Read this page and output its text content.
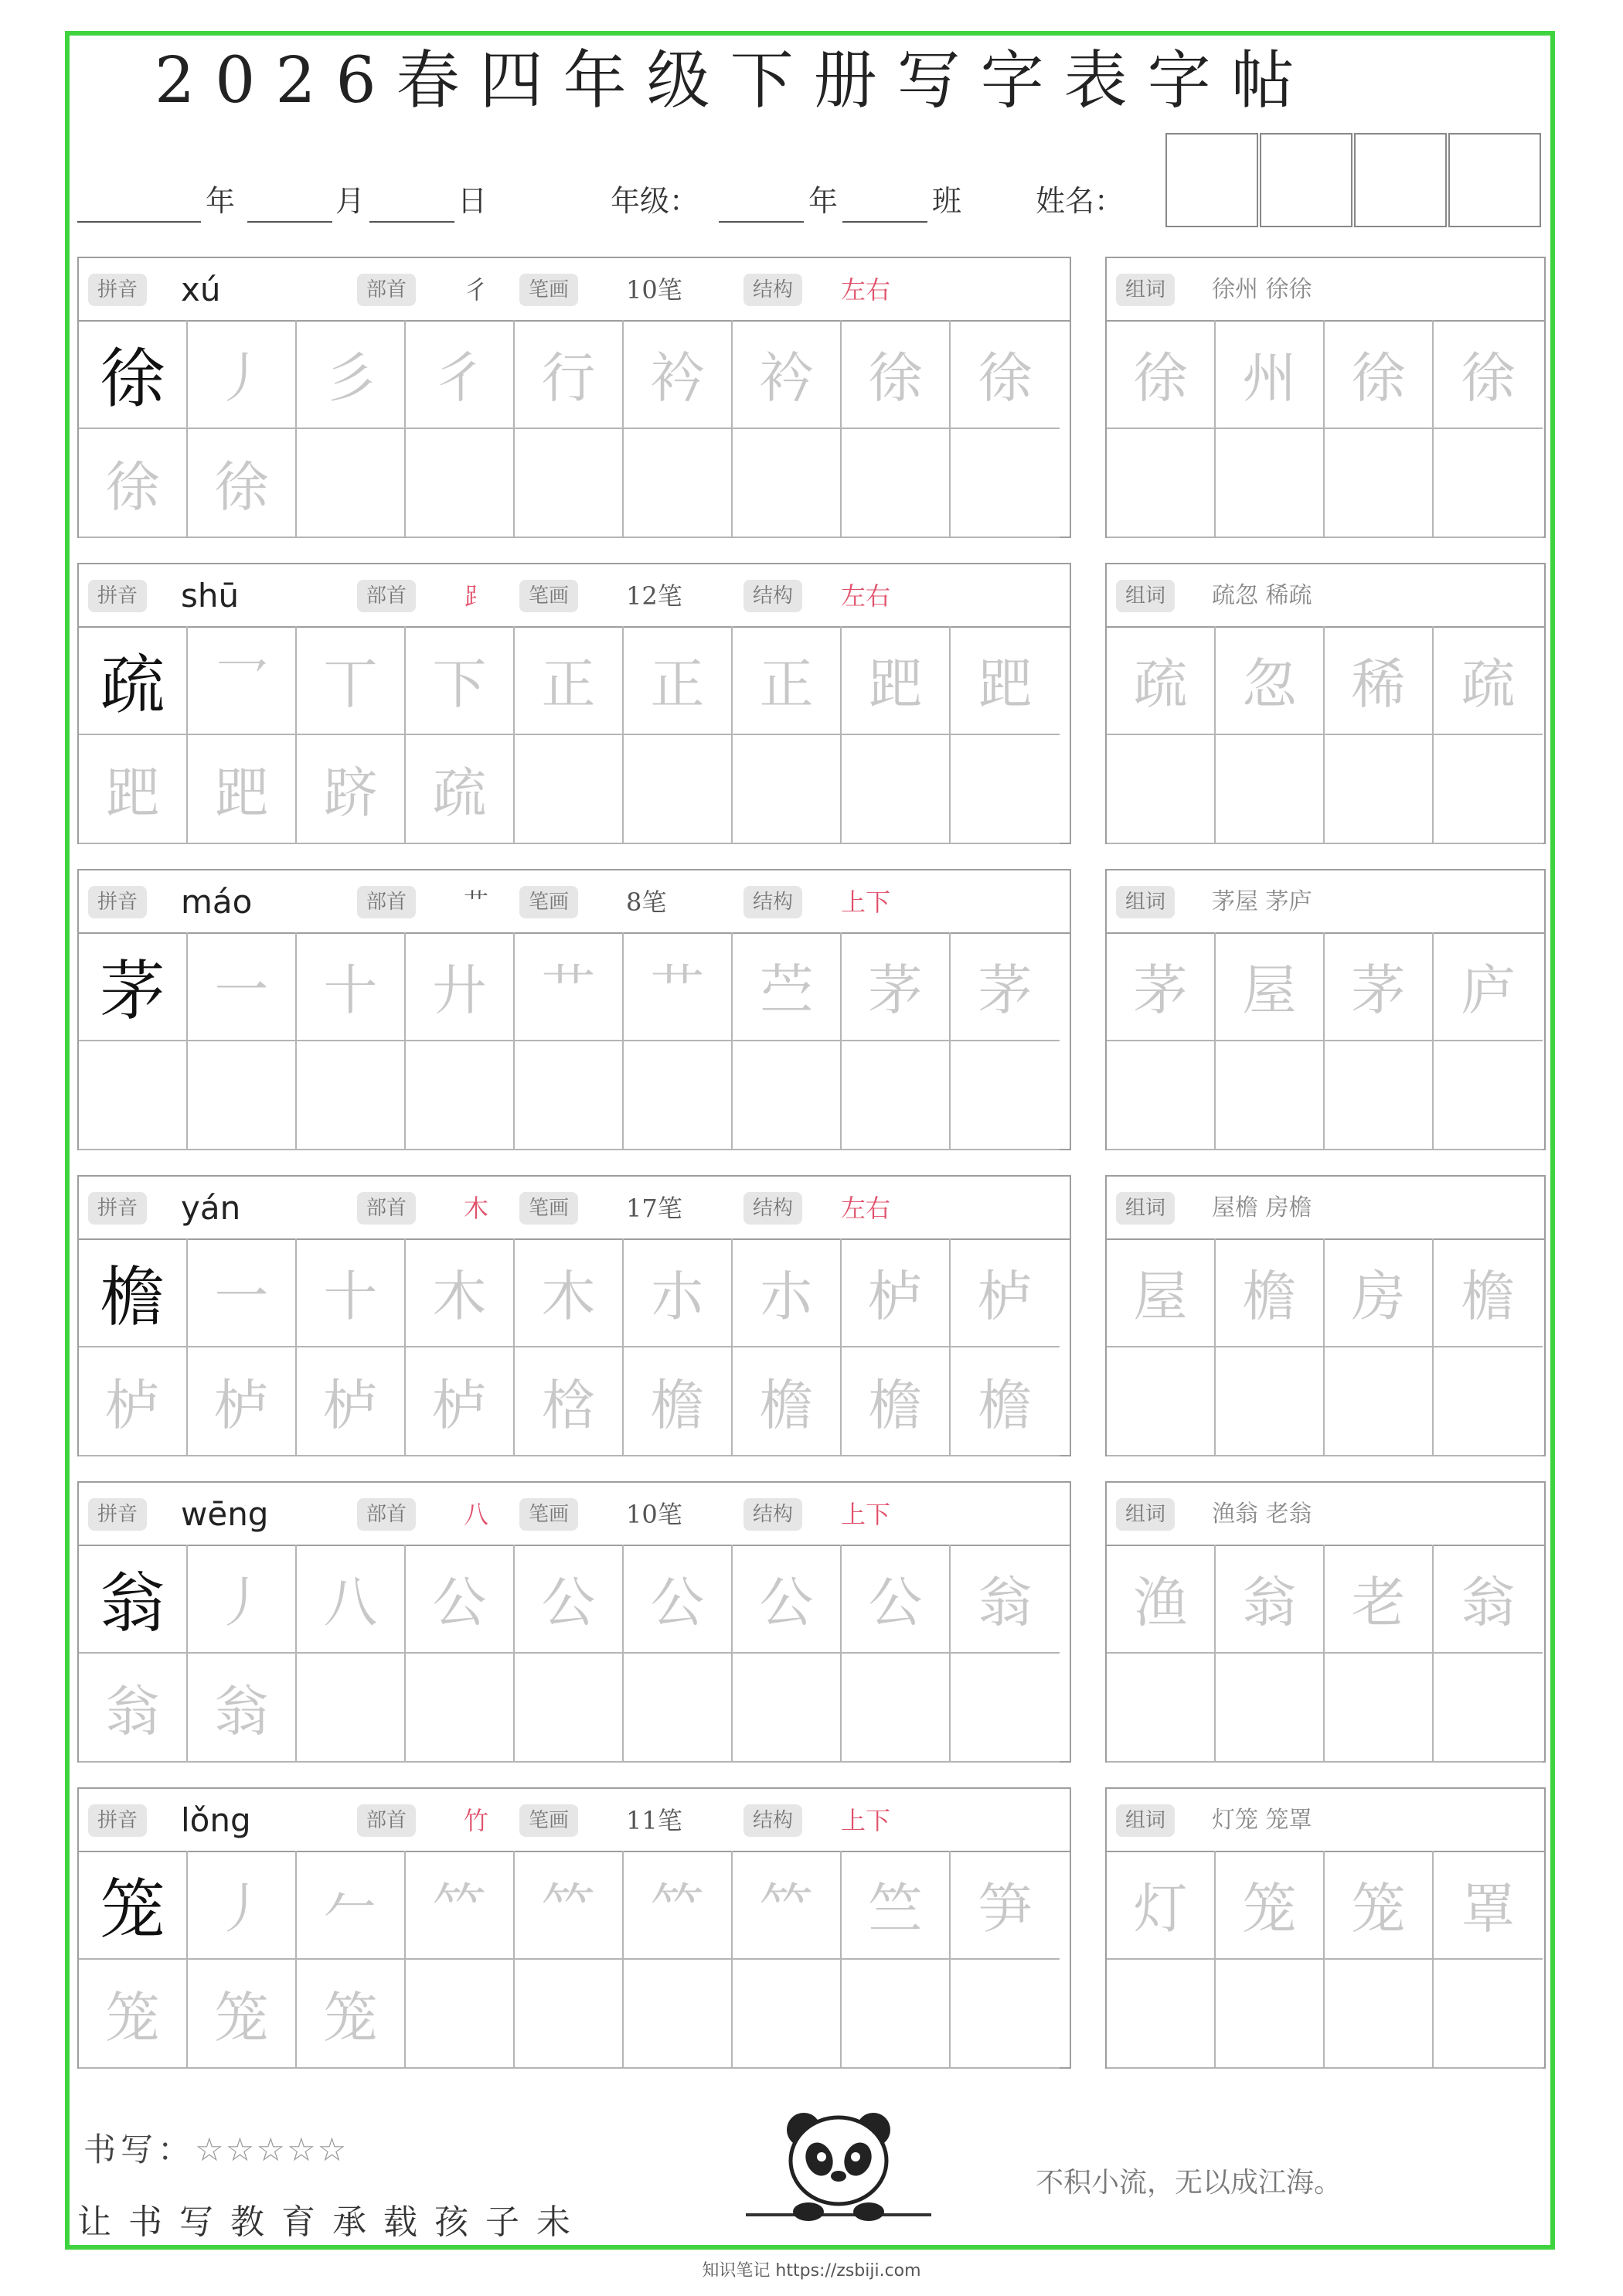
2026春四年级下册写字表字帖
年	月	日	年级：	年	班	姓名：
拼音 xú	部首	彳	笔画	10笔	结构	左右
徐 丿	彡	彳	行	衿	衿	徐	徐
徐	徐
组词	徐州 徐徐
徐	州	徐	徐
拼音 shū	部首	⻊	笔画	12笔	结构	左右
疏 乛	丅	下	正	正	正	跁	跁
跁	跁	跻	疏
组词	疏忽 稀疏
疏	忽	稀	疏
拼音 máo	部首	艹	笔画	8笔	结构	上下
茅 一	十	廾	艹	艹	苎	茅	茅
组词	茅屋 茅庐
茅	屋	茅	庐
拼音 yán	部首	木	笔画	17笔	结构	左右
檐 一	十	木	木	朩	朩	栌	栌
栌	栌	栌	栌	梒	檐	檐	檐	檐
组词	屋檐 房檐
屋	檐	房	檐
拼音 wēng	部首	八	笔画	10笔	结构	上下
翁 丿	八	公	公	公	公	公	翁
翁	翁
组词	渔翁 老翁
渔	翁	老	翁
拼音 lǒng	部首	竹	笔画	11笔	结构	上下
笼 丿	𠂉	𥫗	𥫗	𥫗	𥫗	竺	笋
笼	笼	笼
组词	灯笼 笼罩
灯	笼	笼	罩
书写：☆☆☆☆☆
让书写教育承载孩子未
不积小流，无以成江海。
知识笔记 https://zsbiji.com
